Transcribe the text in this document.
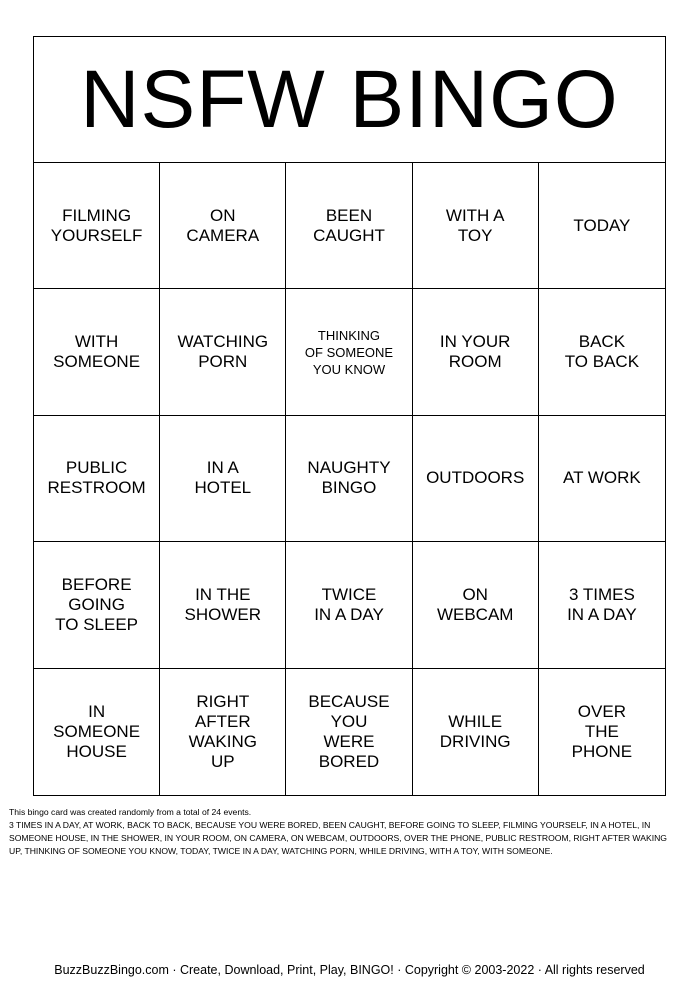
NSFW BINGO
FILMING
YOURSELF
ON
CAMERA
BEEN
CAUGHT
WITH A
TOY
TODAY
WITH
SOMEONE
WATCHING
PORN
THINKING
OF SOMEONE
YOU KNOW
IN YOUR
ROOM
BACK
TO BACK
PUBLIC
RESTROOM
IN A
HOTEL
NAUGHTY
BINGO
OUTDOORS	AT WORK
BEFORE
GOING
TO SLEEP
IN THE
SHOWER
TWICE
IN A DAY
ON
WEBCAM
3 TIMES
IN A DAY
IN
SOMEONE
HOUSE
RIGHT
AFTER
WAKING
UP
BECAUSE
YOU
WERE
BORED
WHILE
DRIVING
OVER
THE
PHONE

This bingo card was created randomly from a total of 24 events.

3 TIMES IN A DAY, AT WORK, BACK TO BACK, BECAUSE YOU WERE BORED, BEEN CAUGHT, BEFORE GOING TO SLEEP, FILMING YOURSELF, IN A HOTEL, IN SOMEONE HOUSE, IN THE SHOWER, IN YOUR ROOM, ON CAMERA, ON WEBCAM, OUTDOORS, OVER THE PHONE, PUBLIC RESTROOM, RIGHT AFTER WAKING UP, THINKING OF SOMEONE YOU KNOW, TODAY, TWICE IN A DAY, WATCHING PORN, WHILE DRIVING, WITH A TOY, WITH SOMEONE.

BuzzBuzzBingo.com · Create, Download, Print, Play, BINGO! · Copyright © 2003-2022 · All rights reserved
